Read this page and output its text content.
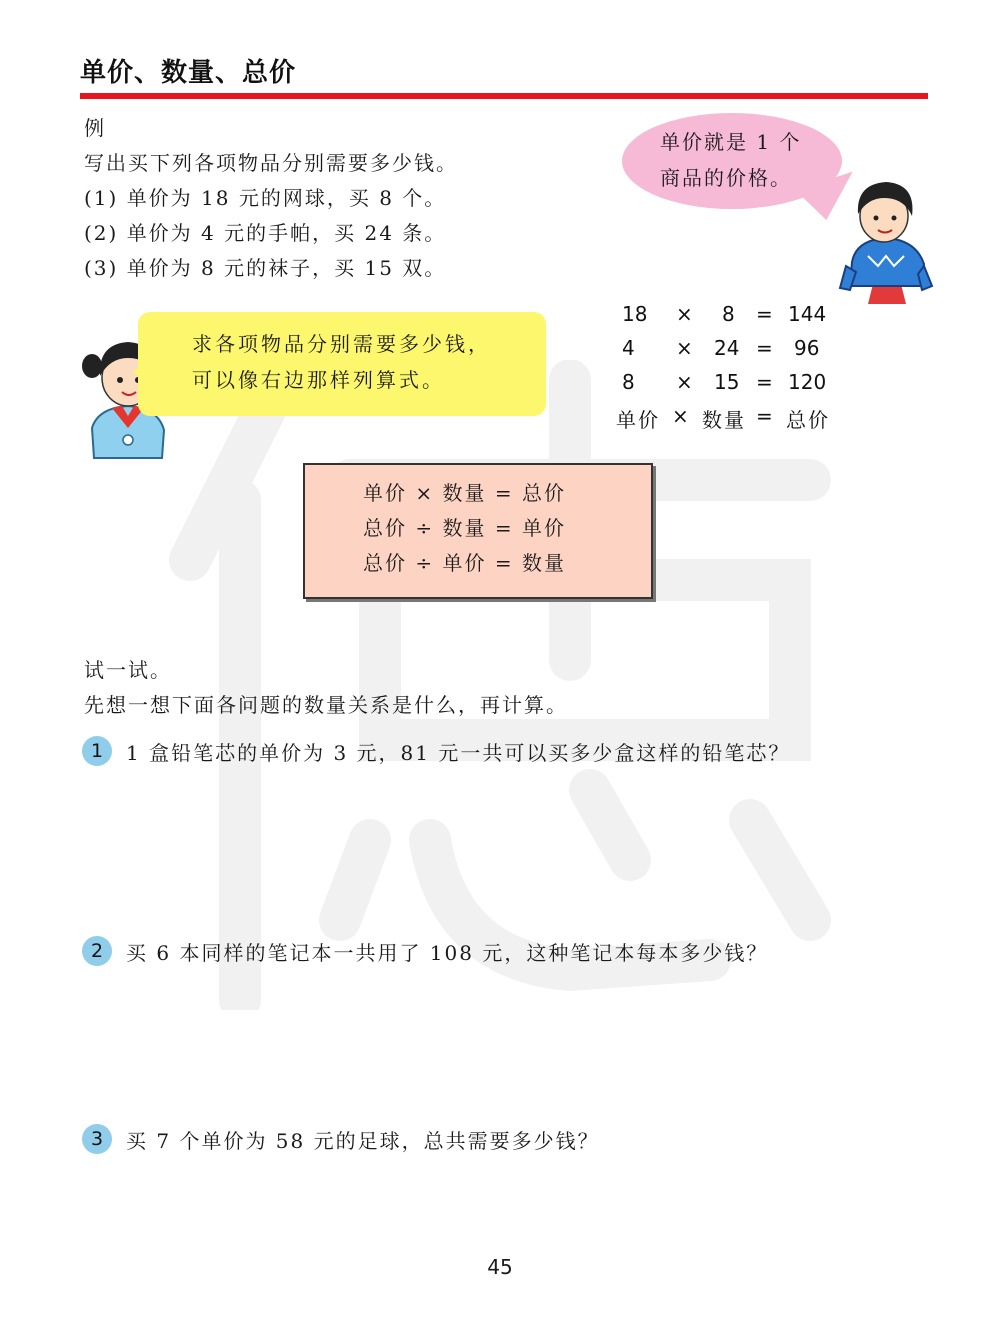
单价、数量、总价
例
写出买下列各项物品分别需要多少钱。
(1) 单价为 18 元的网球，买 8 个。
(2) 单价为 4 元的手帕，买 24 条。
(3) 单价为 8 元的袜子，买 15 双。
单价就是 1 个
商品的价格。
求各项物品分别需要多少钱，
可以像右边那样列算式。
18 × 8 = 144
4 × 24 = 96
8 × 15 = 120
单价 × 数量 = 总价
单价 × 数量 = 总价
总价 ÷ 数量 = 单价
总价 ÷ 单价 = 数量
试一试。
先想一想下面各问题的数量关系是什么，再计算。
1	1 盒铅笔芯的单价为 3 元，81 元一共可以买多少盒这样的铅笔芯？
2	买 6 本同样的笔记本一共用了 108 元，这种笔记本每本多少钱？
3	买 7 个单价为 58 元的足球，总共需要多少钱？
45
